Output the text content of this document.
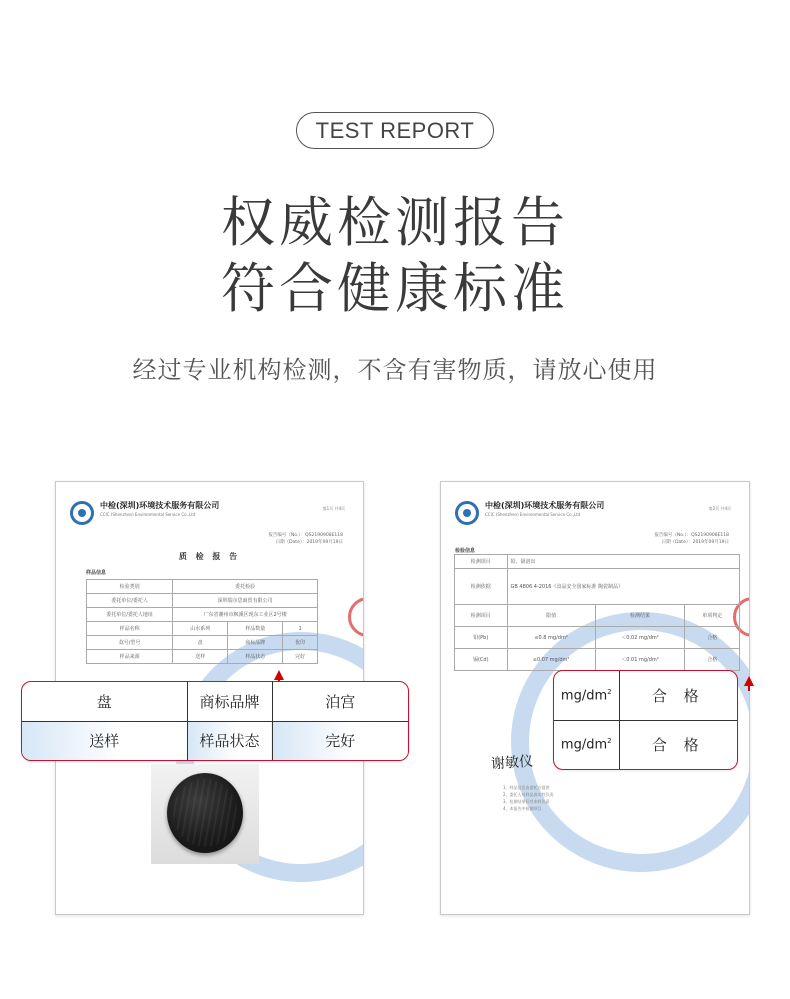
TEST REPORT
权威检测报告
符合健康标准
经过专业机构检测，不含有害物质，请放心使用
中检(深圳)环境技术服务有限公司
CCIC (Shenzhen) Environmental Service Co.,Ltd
第1页 共4页
报告编号（No.）：QS2190908E118
日期（Date）：2019年09月19日
质 检 报 告
样品信息
检验类别	委托检验		
委托单位/委托人	深圳瑞尔思商贸有限公司		
委托单位/委托人地址	广东省潮州市枫溪区现东工业区2号楼		
样品名称	山水系列	样品数量	1
款号/型号	盘	商标品牌	优印
样品来源	送样	样品状态	完好
中检(深圳)环境技术服务有限公司
CCIC (Shenzhen) Environmental Service Co.,Ltd
第2页 共4页
报告编号（No.）：QS2190908E118
日期（Date）：2019年09月19日
检验信息
检测项目	铅、镉溶出		
检测依据	GB 4806.4-2016《食品安全国家标准 陶瓷制品》		
检测项目	限值	检测结果	单项判定
铅(Pb)	≤0.8 mg/dm²	＜0.02 mg/dm²	合格
镉(Cd)	≤0.07 mg/dm²	＜0.01 mg/dm²	合格
谢敏仪
1、样品信息由委托方提供
2、委托人对样品真实性负责
3、检测结果仅对来样负责
4、本报告中检测项目
盘	商标品牌	泊宫
送样	样品状态	完好
$mg/dm^2$	合 格
$mg/dm^2$	合 格
